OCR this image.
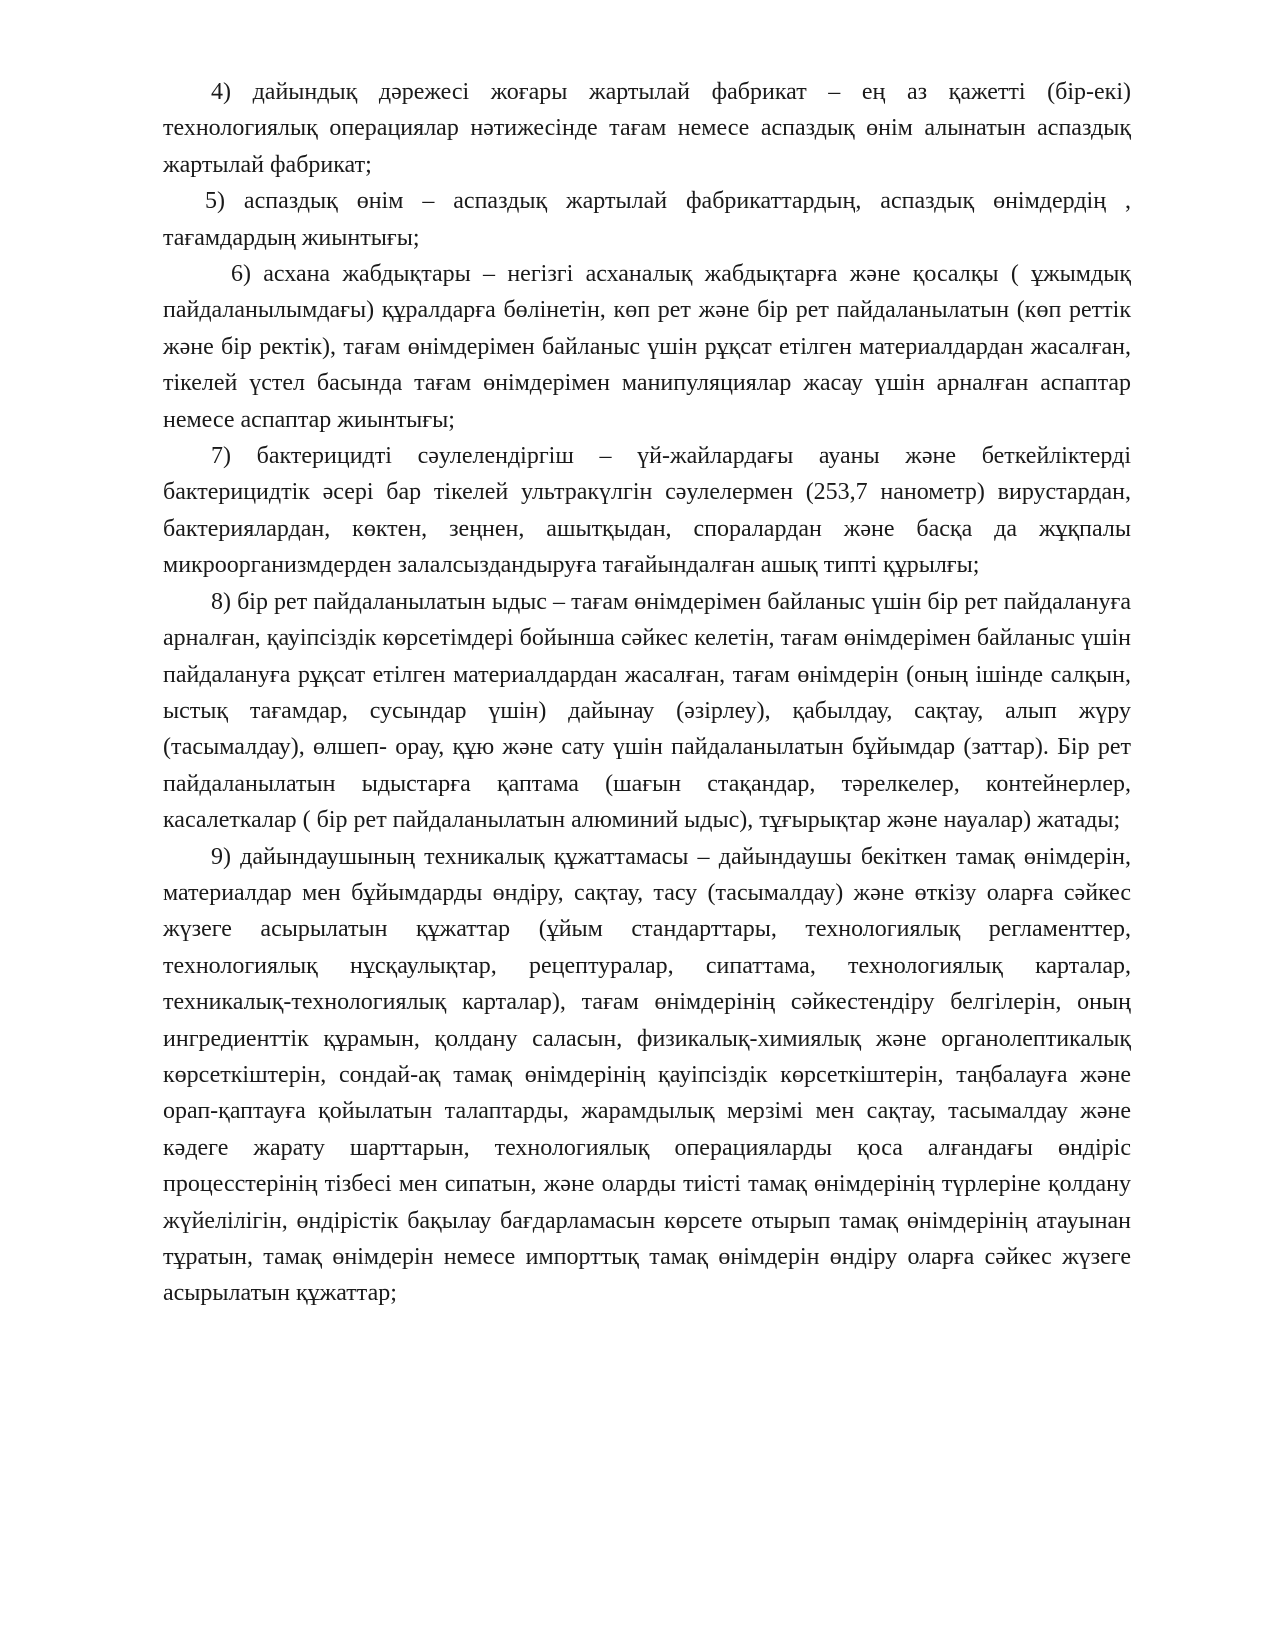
4) дайындық дәрежесі жоғары жартылай фабрикат – ең аз қажетті (бір-екі) технологиялық операциялар нәтижесінде тағам немесе аспаздық өнім алынатын аспаздық жартылай фабрикат;

5) аспаздық өнім – аспаздық жартылай фабрикаттардың, аспаздық өнімдердің , тағамдардың жиынтығы;

6) асхана жабдықтары – негізгі асханалық жабдықтарға және қосалқы ( ұжымдық пайдаланылымдағы) құралдарға бөлінетін, көп рет және бір рет пайдаланылатын (көп реттік және бір ректік), тағам өнімдерімен байланыс үшін рұқсат етілген материалдардан жасалған, тікелей үстел басында тағам өнімдерімен манипуляциялар жасау үшін арналған аспаптар немесе аспаптар жиынтығы;

7) бактерицидті сәулелендіргіш – үй-жайлардағы ауаны және беткейліктерді бактерицидтік әсері бар тікелей ультракүлгін сәулелермен (253,7 нанометр) вирустардан, бактериялардан, көктен, зеңнен, ашытқыдан, споралардан және басқа да жұқпалы микроорганизмдерден залалсыздандыруға тағайындалған ашық типті құрылғы;

8) бір рет пайдаланылатын ыдыс – тағам өнімдерімен байланыс үшін бір рет пайдалануға арналған, қауіпсіздік көрсетімдері бойынша сәйкес келетін, тағам өнімдерімен байланыс үшін пайдалануға рұқсат етілген материалдардан жасалған, тағам өнімдерін (оның ішінде салқын, ыстық тағамдар, сусындар үшін) дайынау (әзірлеу), қабылдау, сақтау, алып жүру (тасымалдау), өлшеп- орау, құю және сату үшін пайдаланылатын бұйымдар (заттар). Бір рет пайдаланылатын ыдыстарға қаптама (шағын стақандар, тәрелкелер, контейнерлер, касалеткалар ( бір рет пайдаланылатын алюминий ыдыс), тұғырықтар және науалар) жатады;

9) дайындаушының техникалық құжаттамасы – дайындаушы бекіткен тамақ өнімдерін, материалдар мен бұйымдарды өндіру, сақтау, тасу (тасымалдау) және өткізу оларға сәйкес жүзеге асырылатын құжаттар (ұйым стандарттары, технологиялық регламенттер, технологиялық нұсқаулықтар, рецептуралар, сипаттама, технологиялық карталар, техникалық-технологиялық карталар), тағам өнімдерінің сәйкестендіру белгілерін, оның ингредиенттік құрамын, қолдану саласын, физикалық-химиялық және органолептикалық көрсеткіштерін, сондай-ақ тамақ өнімдерінің қауіпсіздік көрсеткіштерін, таңбалауға және орап-қаптауға қойылатын талаптарды, жарамдылық мерзімі мен сақтау, тасымалдау және кәдеге жарату шарттарын, технологиялық операцияларды қоса алғандағы өндіріс процесстерінің тізбесі мен сипатын, және оларды тиісті тамақ өнімдерінің түрлеріне қолдану жүйелілігін, өндірістік бақылау бағдарламасын көрсете отырып тамақ өнімдерінің атауынан тұратын, тамақ өнімдерін немесе импорттық тамақ өнімдерін өндіру оларға сәйкес жүзеге асырылатын құжаттар;
